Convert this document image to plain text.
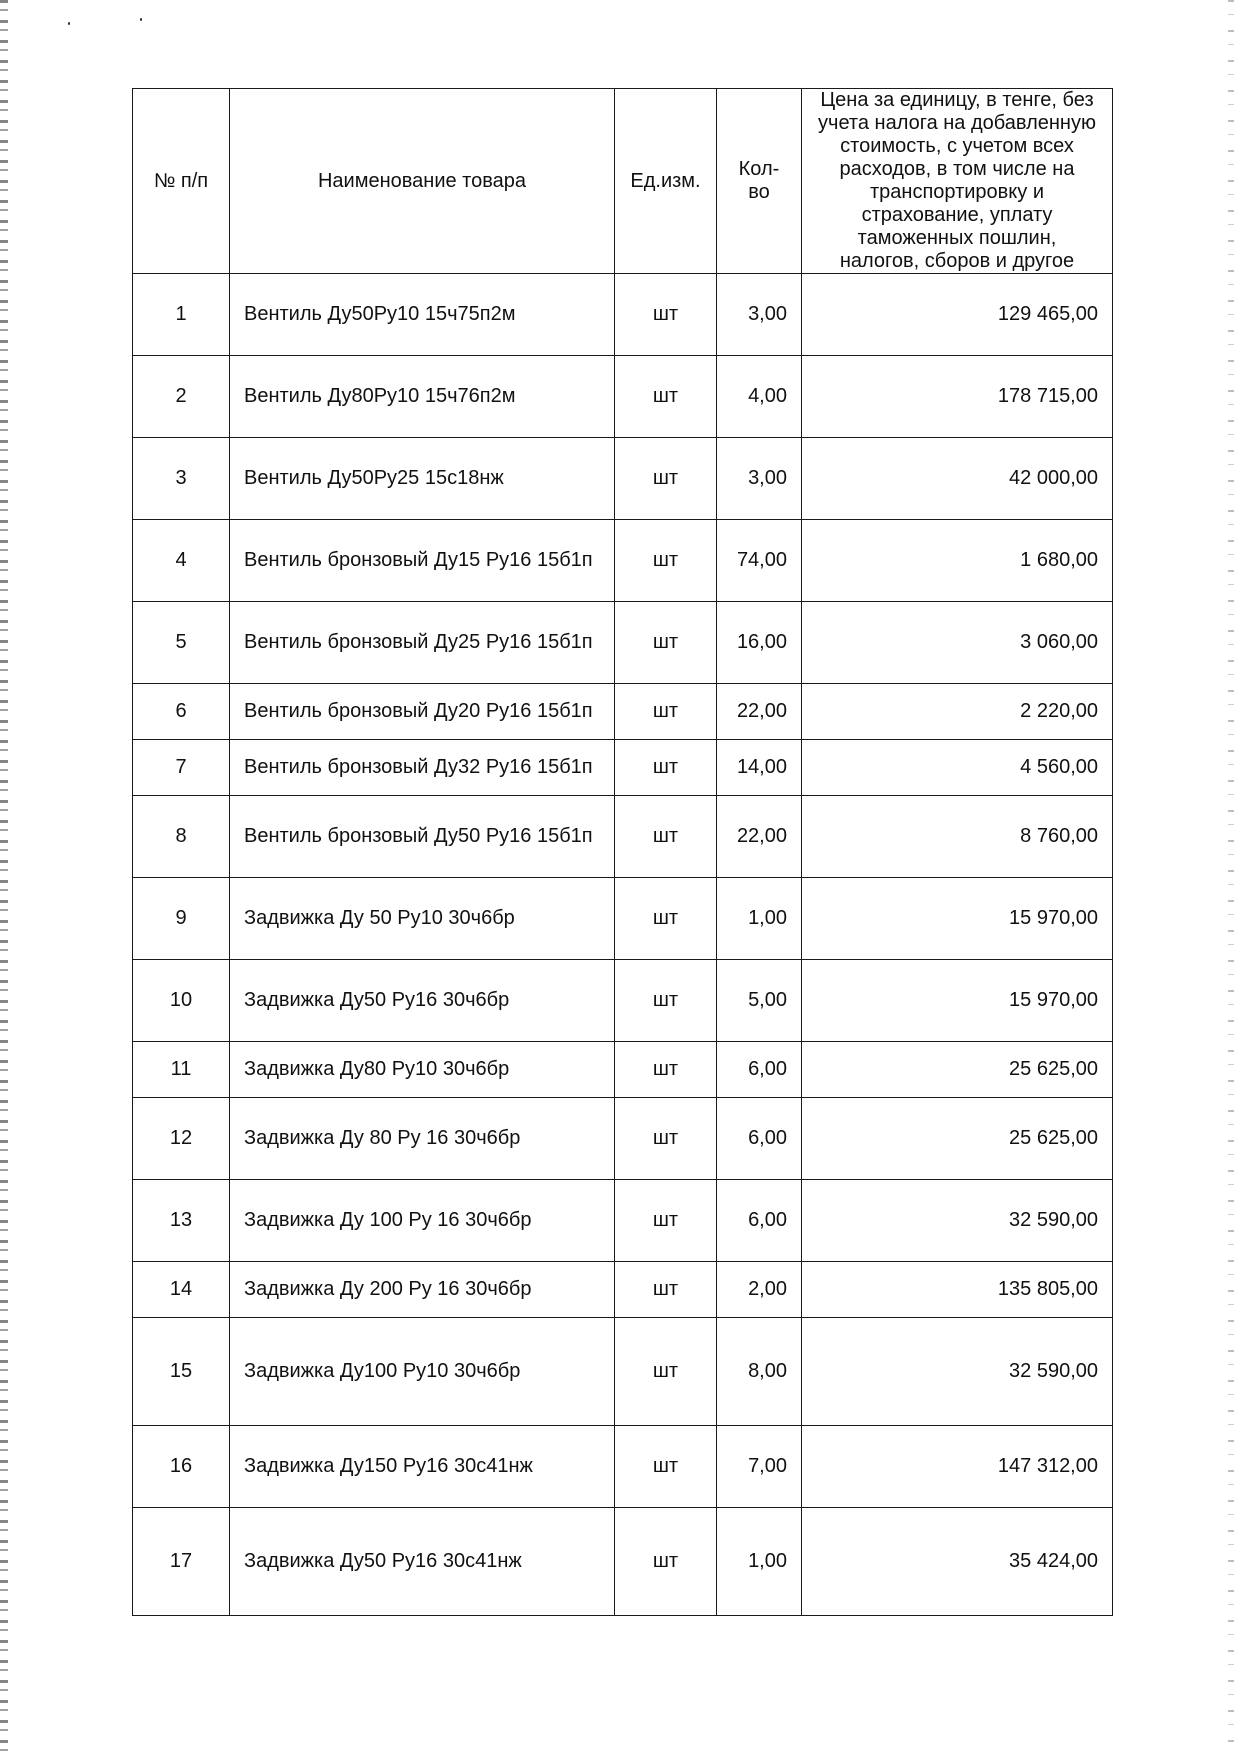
№ п/п	Наименование товара	Ед.изм.	Кол-во	Цена за единицу, в тенге, без учета налога на добавленную стоимость, с учетом всех расходов, в том числе на транспортировку и страхование, уплату таможенных пошлин, налогов, сборов и другое
1	Вентиль Ду50Ру10 15ч75п2м	шт	3,00	129 465,00
2	Вентиль Ду80Ру10 15ч76п2м	шт	4,00	178 715,00
3	Вентиль Ду50Ру25 15с18нж	шт	3,00	42 000,00
4	Вентиль бронзовый Ду15 Ру16 15б1п	шт	74,00	1 680,00
5	Вентиль бронзовый Ду25 Ру16 15б1п	шт	16,00	3 060,00
6	Вентиль бронзовый Ду20 Ру16 15б1п	шт	22,00	2 220,00
7	Вентиль бронзовый Ду32 Ру16 15б1п	шт	14,00	4 560,00
8	Вентиль бронзовый Ду50 Ру16 15б1п	шт	22,00	8 760,00
9	Задвижка Ду 50 Ру10 30ч6бр	шт	1,00	15 970,00
10	Задвижка Ду50 Ру16 30ч6бр	шт	5,00	15 970,00
11	Задвижка Ду80 Ру10 30ч6бр	шт	6,00	25 625,00
12	Задвижка Ду 80 Ру 16 30ч6бр	шт	6,00	25 625,00
13	Задвижка Ду 100 Ру 16 30ч6бр	шт	6,00	32 590,00
14	Задвижка Ду 200 Ру 16 30ч6бр	шт	2,00	135 805,00
15	Задвижка Ду100 Ру10 30ч6бр	шт	8,00	32 590,00
16	Задвижка Ду150 Ру16 30с41нж	шт	7,00	147 312,00
17	Задвижка Ду50 Ру16 30с41нж	шт	1,00	35 424,00
